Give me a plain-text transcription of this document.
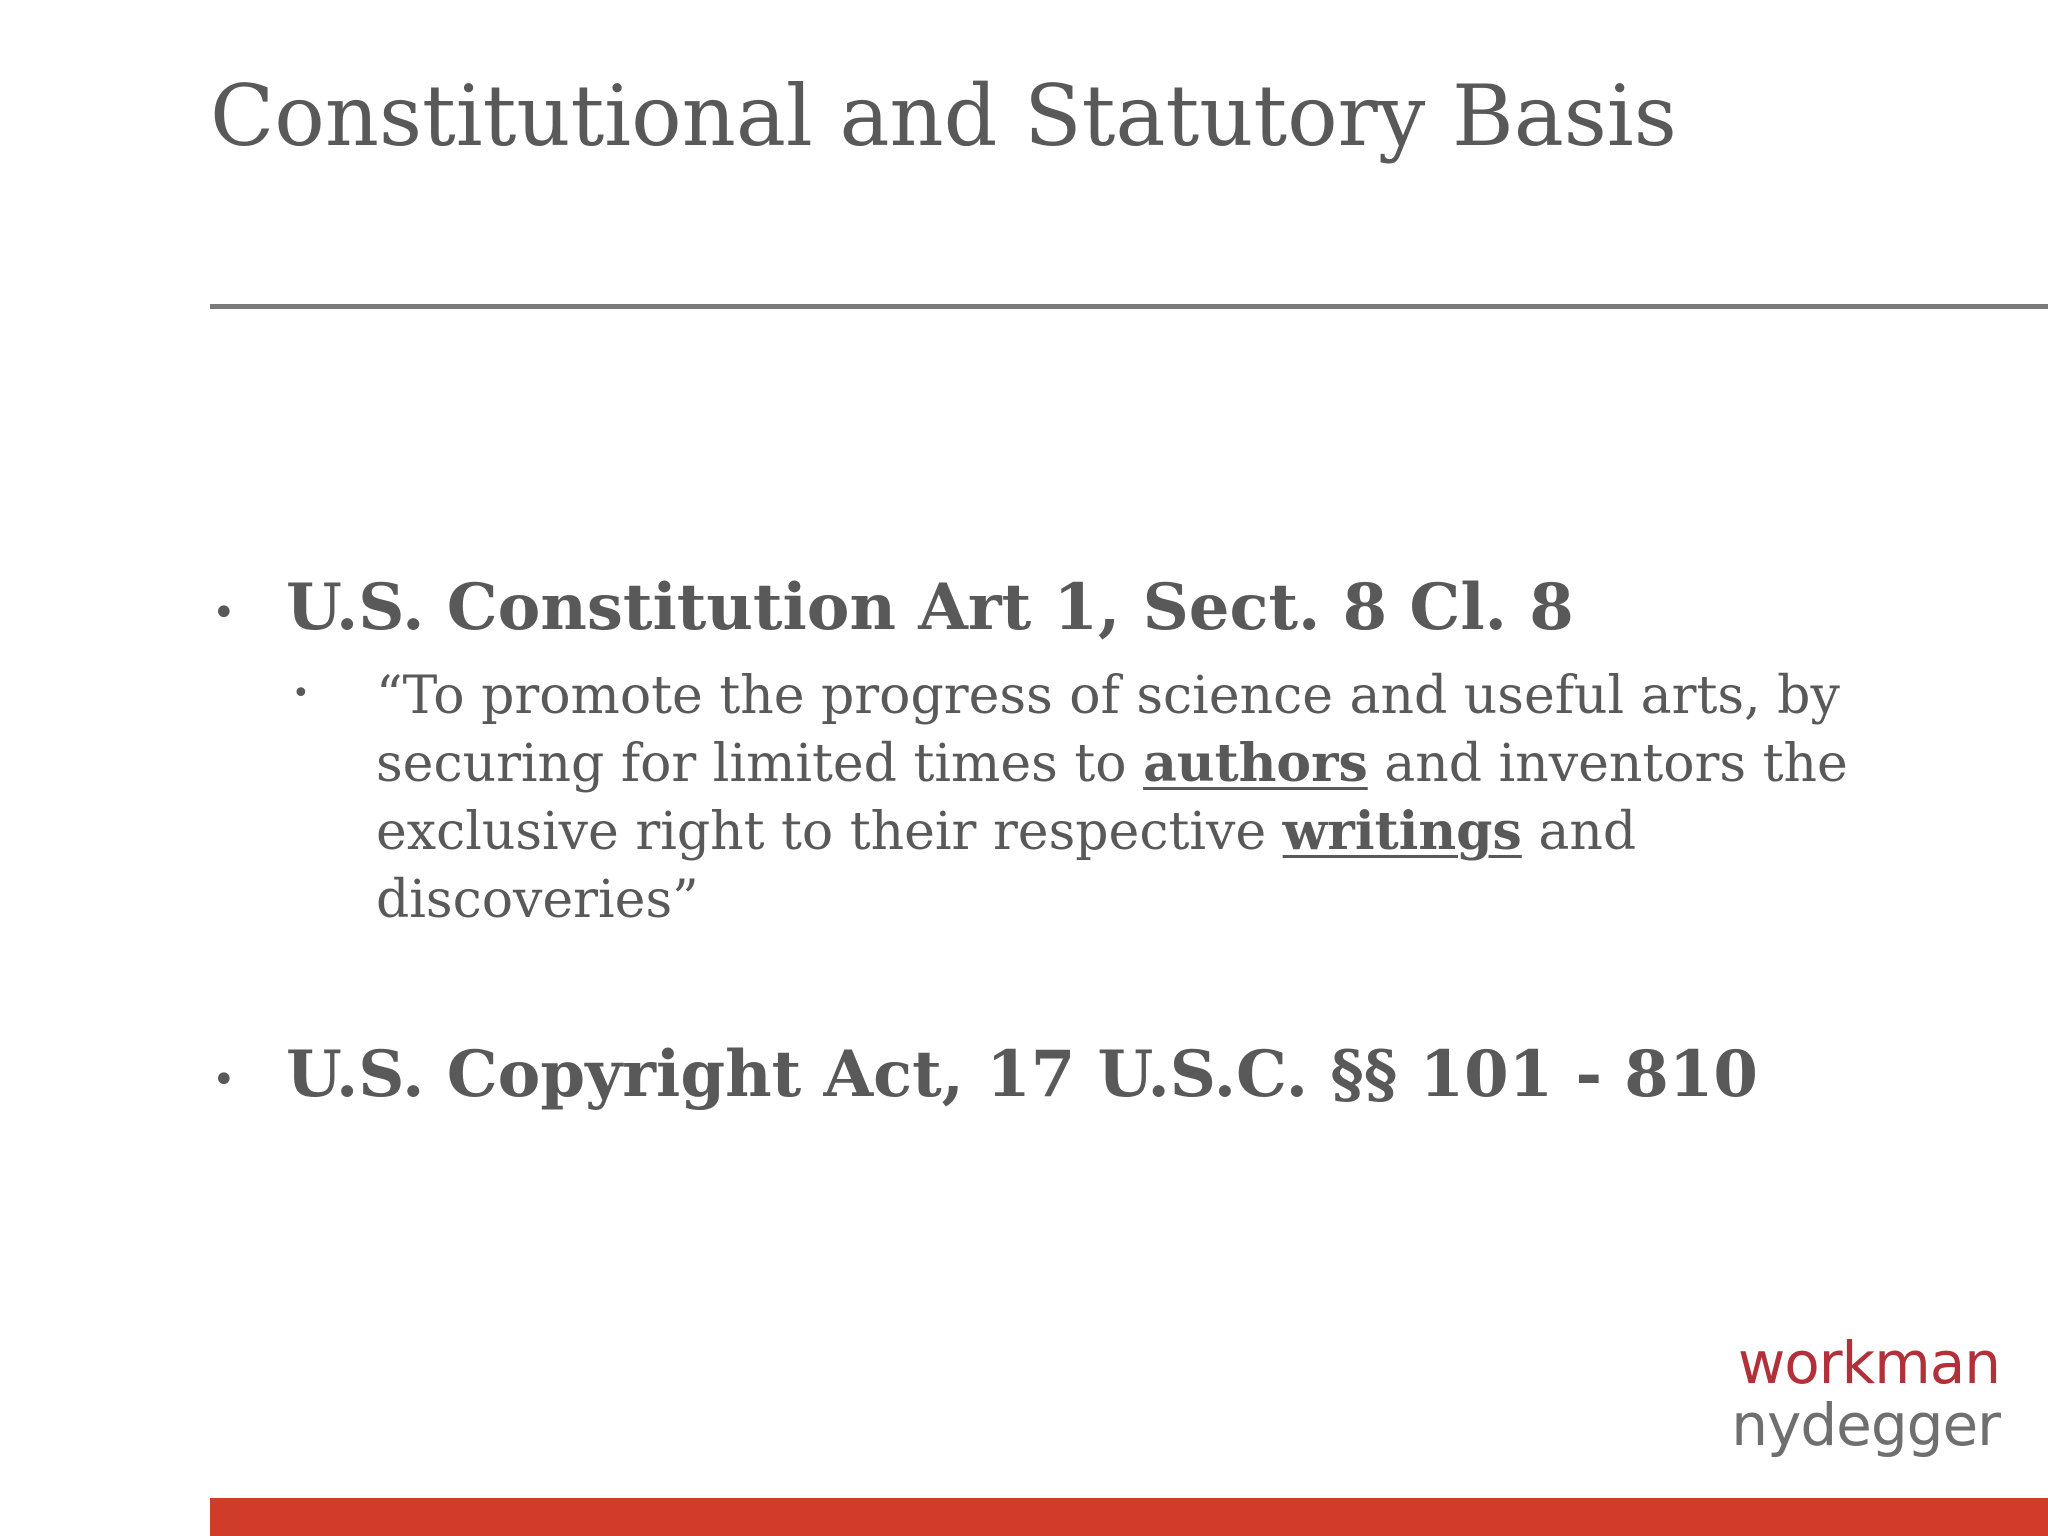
Constitutional and Statutory Basis
• U.S. Constitution Art 1, Sect. 8 Cl. 8
• “To promote the progress of science and useful arts, by
securing for limited times to authors and inventors the
exclusive right to their respective writings and
discoveries”

• U.S. Copyright Act, 17 U.S.C. §§ 101 - 810
workman
nydegger
